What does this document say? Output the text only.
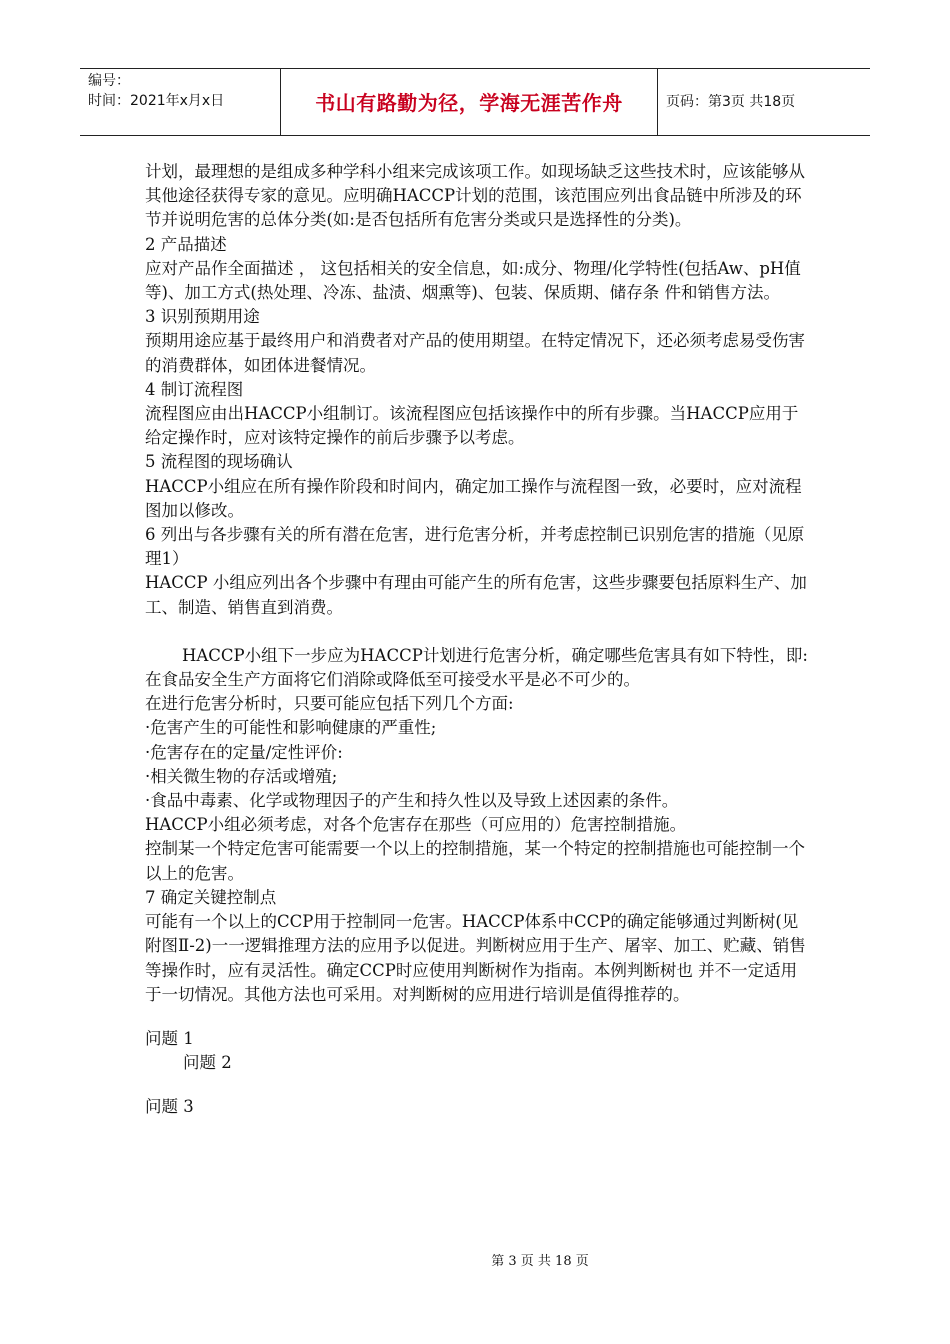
编号：
时间：2021年x月x日	书山有路勤为径，学海无涯苦作舟	页码：第3页 共18页

计划，最理想的是组成多种学科小组来完成该项工作。如现场缺乏这些技术时，应该能够从其他途径获得专家的意见。应明确HACCP计划的范围，该范围应列出食品链中所涉及的环节并说明危害的总体分类(如:是否包括所有危害分类或只是选择性的分类)。

2 产品描述

应对产品作全面描述 ， 这包括相关的安全信息，如:成分、物理/化学特性(包括Aw、pH值等)、加工方式(热处理、冷冻、盐渍、烟熏等)、包装、保质期、储存条 件和销售方法。

3 识别预期用途

预期用途应基于最终用户和消费者对产品的使用期望。在特定情况下，还必须考虑易受伤害的消费群体，如团体进餐情况。

4 制订流程图

流程图应由出HACCP小组制订。该流程图应包括该操作中的所有步骤。当HACCP应用于给定操作时，应对该特定操作的前后步骤予以考虑。

5 流程图的现场确认

HACCP小组应在所有操作阶段和时间内，确定加工操作与流程图一致，必要时，应对流程图加以修改。

6 列出与各步骤有关的所有潜在危害，进行危害分析，并考虑控制已识别危害的措施（见原理1）

HACCP 小组应列出各个步骤中有理由可能产生的所有危害，这些步骤要包括原料生产、加工、制造、销售直到消费。

HACCP小组下一步应为HACCP计划进行危害分析，确定哪些危害具有如下特性，即:在食品安全生产方面将它们消除或降低至可接受水平是必不可少的。

在进行危害分析时，只要可能应包括下列几个方面:

·危害产生的可能性和影响健康的严重性;

·危害存在的定量/定性评价:

·相关微生物的存活或增殖;

·食品中毒素、化学或物理因子的产生和持久性以及导致上述因素的条件。

HACCP小组必须考虑，对各个危害存在那些（可应用的）危害控制措施。

控制某一个特定危害可能需要一个以上的控制措施，某一个特定的控制措施也可能控制一个以上的危害。

7 确定关键控制点

可能有一个以上的CCP用于控制同一危害。HACCP体系中CCP的确定能够通过判断树(见附图Ⅱ-2)一一逻辑推理方法的应用予以促进。判断树应用于生产、屠宰、加工、贮藏、销售等操作时，应有灵活性。确定CCP时应使用判断树作为指南。本例判断树也 并不一定适用于一切情况。其他方法也可采用。对判断树的应用进行培训是值得推荐的。

问题 1

问题 2

问题 3

第 3 页 共 18 页
